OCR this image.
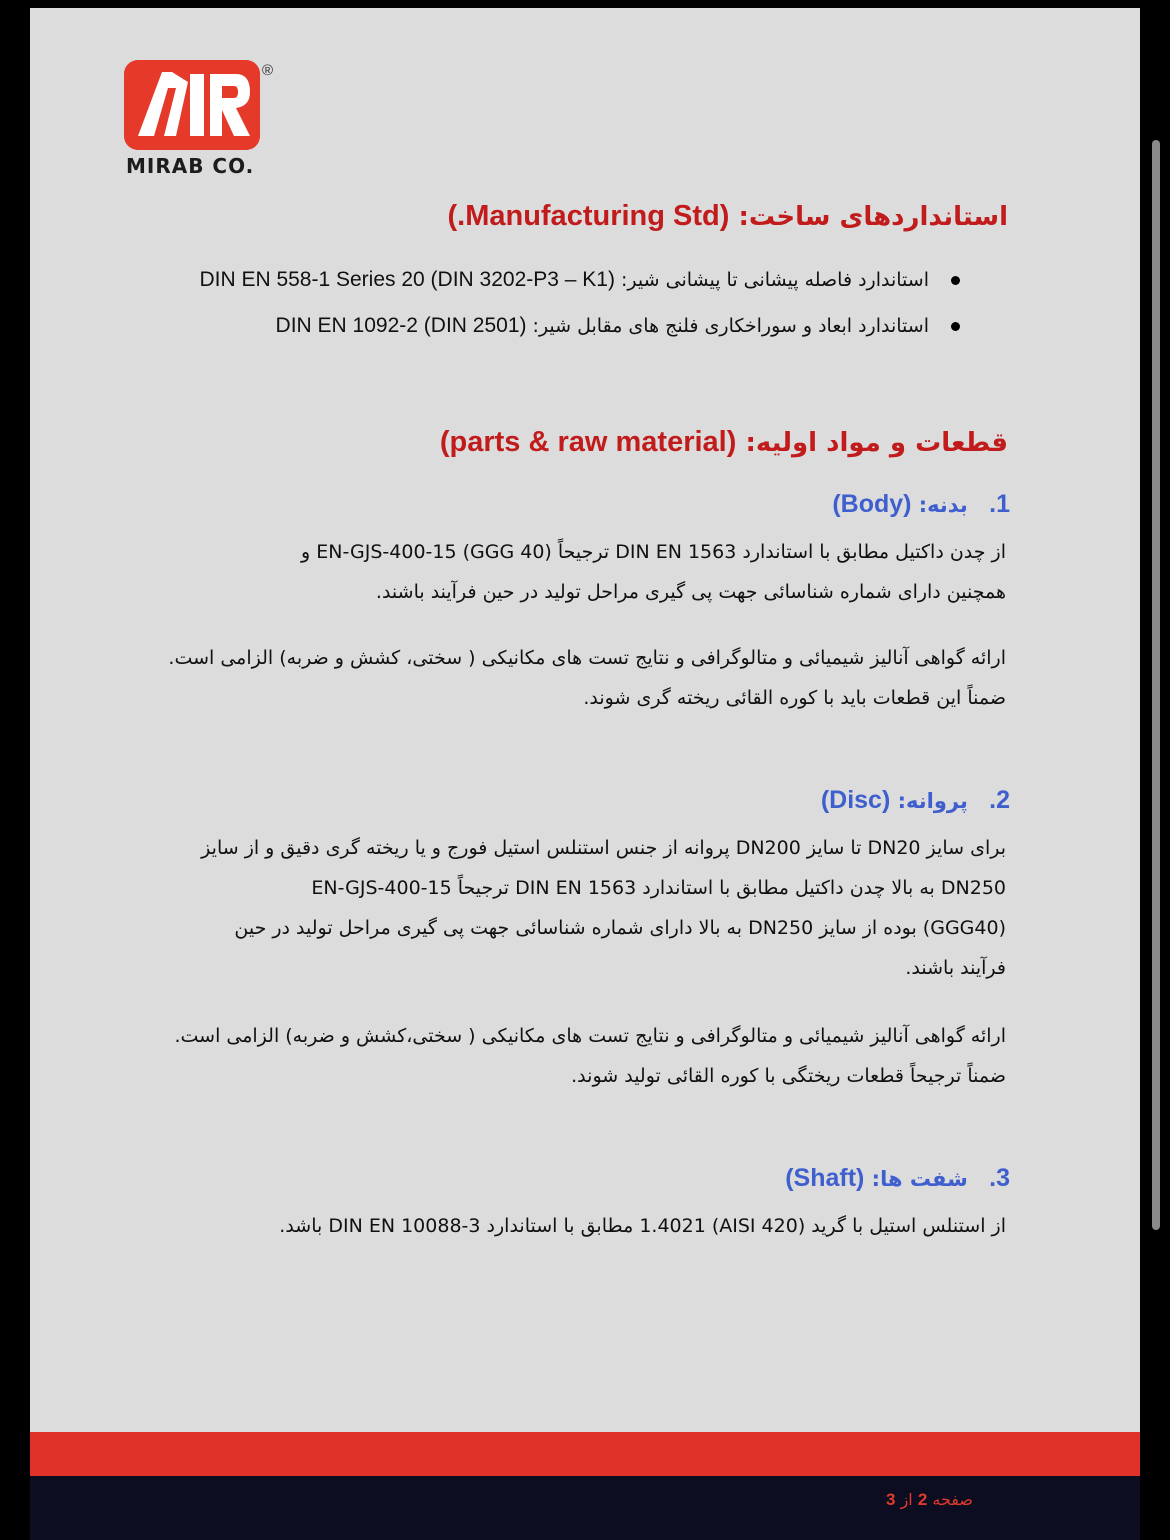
®
MIRAB CO.
استانداردهای ساخت: (Manufacturing Std.)
استاندارد فاصله پیشانی تا پیشانی شیر: (DIN 3202-P3 – K1) DIN EN 558-1 Series 20
استاندارد ابعاد و سوراخکاری فلنج های مقابل شیر: (DIN 2501) DIN EN 1092-2
قطعات و مواد اولیه: (parts & raw material)
1. بدنه: (Body)
از چدن داکتیل مطابق با استاندارد DIN EN 1563 ترجیحاً (GGG 40) EN-GJS-400-15 و
همچنین دارای شماره شناسائی جهت پی گیری مراحل تولید در حین فرآیند باشند.
ارائه گواهی آنالیز شیمیائی و متالوگرافی و نتایج تست های مکانیکی ( سختی، کشش و ضربه) الزامی است.
ضمناً این قطعات باید با کوره القائی ریخته گری شوند.
2. پروانه: (Disc)
برای سایز DN20 تا سایز DN200 پروانه از جنس استنلس استیل فورج و یا ریخته گری دقیق و از سایز
DN250 به بالا چدن داکتیل مطابق با استاندارد DIN EN 1563 ترجیحاً EN-GJS-400-15
(GGG40) بوده از سایز DN250 به بالا دارای شماره شناسائی جهت پی گیری مراحل تولید در حین
فرآیند باشند.
ارائه گواهی آنالیز شیمیائی و متالوگرافی و نتایج تست های مکانیکی ( سختی،کشش و ضربه) الزامی است.
ضمناً ترجیحاً قطعات ریختگی با کوره القائی تولید شوند.
3. شفت ها: (Shaft)
از استنلس استیل با گرید (AISI 420) 1.4021 مطابق با استاندارد DIN EN 10088-3 باشد.
صفحه 2 از 3
